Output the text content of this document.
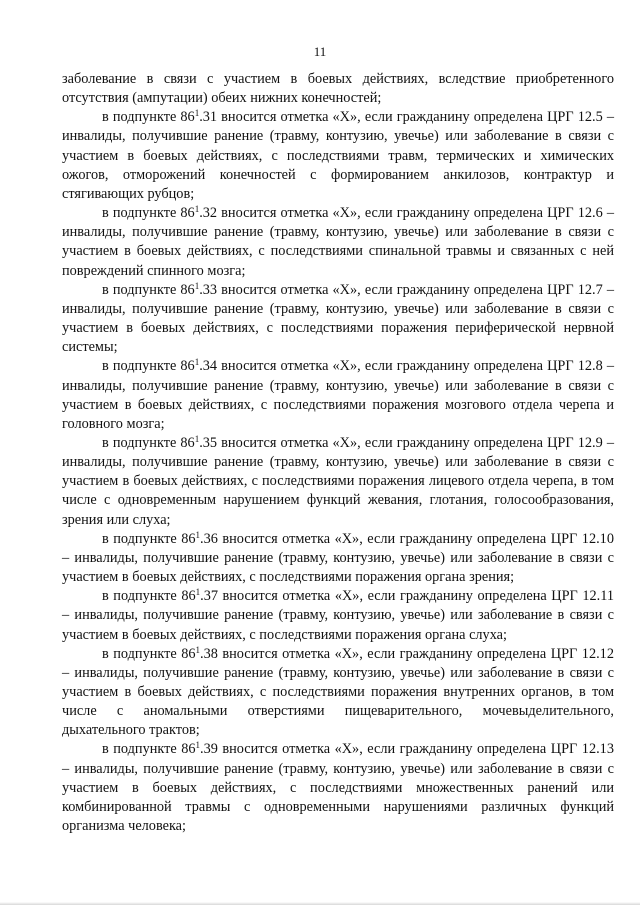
11

заболевание в связи с участием в боевых действиях, вследствие приобретенного отсутствия (ампутации) обеих нижних конечностей;

в подпункте $86^1.31$ вносится отметка «Х», если гражданину определена ЦРГ 12.5 – инвалиды, получившие ранение (травму, контузию, увечье) или заболевание в связи с участием в боевых действиях, с последствиями травм, термических и химических ожогов, отморожений конечностей с формированием анкилозов, контрактур и стягивающих рубцов;

в подпункте $86^1.32$ вносится отметка «Х», если гражданину определена ЦРГ 12.6 – инвалиды, получившие ранение (травму, контузию, увечье) или заболевание в связи с участием в боевых действиях, с последствиями спинальной травмы и связанных с ней повреждений спинного мозга;

в подпункте $86^1.33$ вносится отметка «Х», если гражданину определена ЦРГ 12.7 – инвалиды, получившие ранение (травму, контузию, увечье) или заболевание в связи с участием в боевых действиях, с последствиями поражения периферической нервной системы;

в подпункте $86^1.34$ вносится отметка «Х», если гражданину определена ЦРГ 12.8 – инвалиды, получившие ранение (травму, контузию, увечье) или заболевание в связи с участием в боевых действиях, с последствиями поражения мозгового отдела черепа и головного мозга;

в подпункте $86^1.35$ вносится отметка «Х», если гражданину определена ЦРГ 12.9 – инвалиды, получившие ранение (травму, контузию, увечье) или заболевание в связи с участием в боевых действиях, с последствиями поражения лицевого отдела черепа, в том числе с одновременным нарушением функций жевания, глотания, голосообразования, зрения или слуха;

в подпункте $86^1.36$ вносится отметка «Х», если гражданину определена ЦРГ 12.10 – инвалиды, получившие ранение (травму, контузию, увечье) или заболевание в связи с участием в боевых действиях, с последствиями поражения органа зрения;

в подпункте $86^1.37$ вносится отметка «Х», если гражданину определена ЦРГ 12.11 – инвалиды, получившие ранение (травму, контузию, увечье) или заболевание в связи с участием в боевых действиях, с последствиями поражения органа слуха;

в подпункте $86^1.38$ вносится отметка «Х», если гражданину определена ЦРГ 12.12 – инвалиды, получившие ранение (травму, контузию, увечье) или заболевание в связи с участием в боевых действиях, с последствиями поражения внутренних органов, в том числе с аномальными отверстиями пищеварительного, мочевыделительного, дыхательного трактов;

в подпункте $86^1.39$ вносится отметка «Х», если гражданину определена ЦРГ 12.13 – инвалиды, получившие ранение (травму, контузию, увечье) или заболевание в связи с участием в боевых действиях, с последствиями множественных ранений или комбинированной травмы с одновременными нарушениями различных функций организма человека;
